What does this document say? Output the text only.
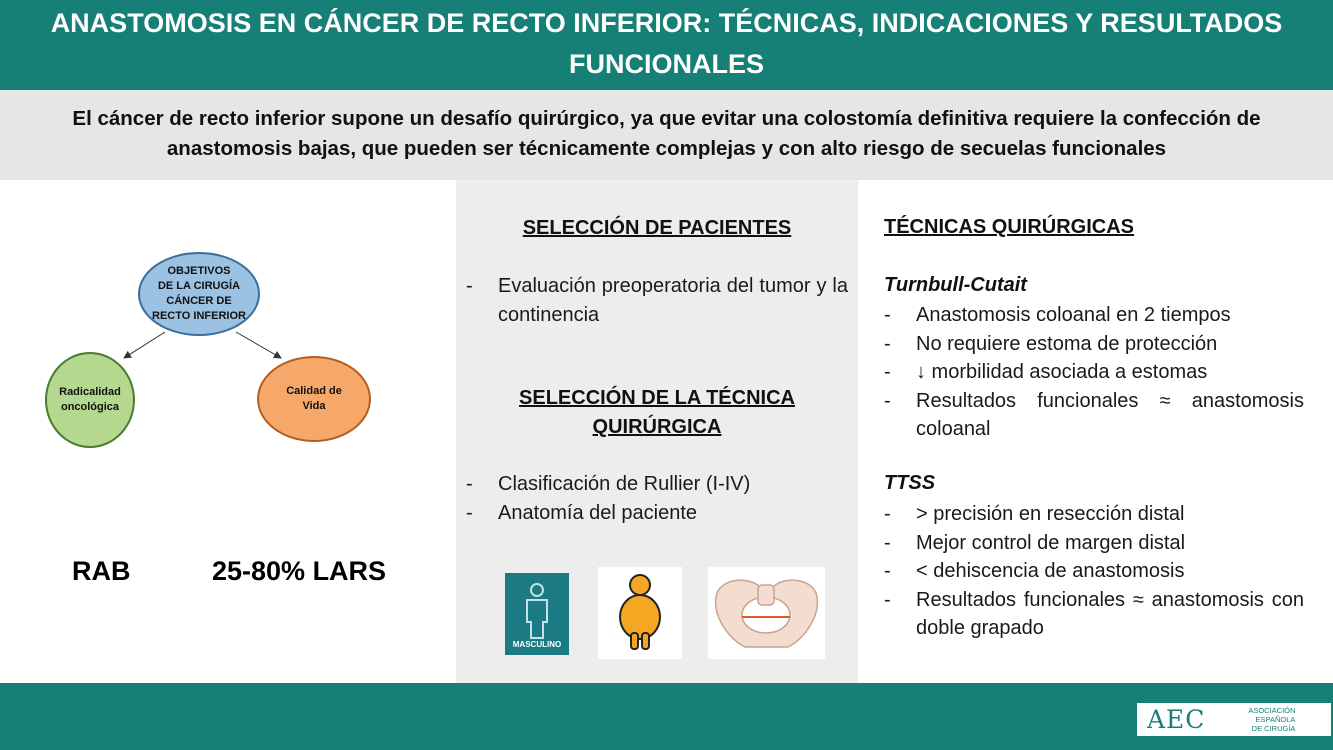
ANASTOMOSIS EN CÁNCER DE RECTO INFERIOR: TÉCNICAS, INDICACIONES Y RESULTADOS
FUNCIONALES
El cáncer de recto inferior supone un desafío quirúrgico, ya que evitar una colostomía definitiva requiere la confección de
anastomosis bajas, que pueden ser técnicamente complejas y con alto riesgo de secuelas funcionales
OBJETIVOS
DE LA CIRUGÍA
CÁNCER DE
RECTO INFERIOR
Radicalidad
oncológica
Calidad de
Vida
RAB	25-80% LARS
SELECCIÓN DE PACIENTES
- Evaluación preoperatoria del tumor y la continencia
SELECCIÓN DE LA TÉCNICA
QUIRÚRGICA
- Clasificación de Rullier (I-IV)
- Anatomía del paciente
MASCULINO
TÉCNICAS QUIRÚRGICAS
Turnbull-Cutait
- Anastomosis coloanal en 2 tiempos
- No requiere estoma de protección
- ↓ morbilidad asociada a estomas
- Resultados funcionales ≈ anastomosis coloanal
TTSS
- > precisión en resección distal
- Mejor control de margen distal
- < dehiscencia de anastomosis
- Resultados funcionales ≈ anastomosis con doble grapado
AEC	ASOCIACIÓN ESPAÑOLA
DE CIRUGÍA
